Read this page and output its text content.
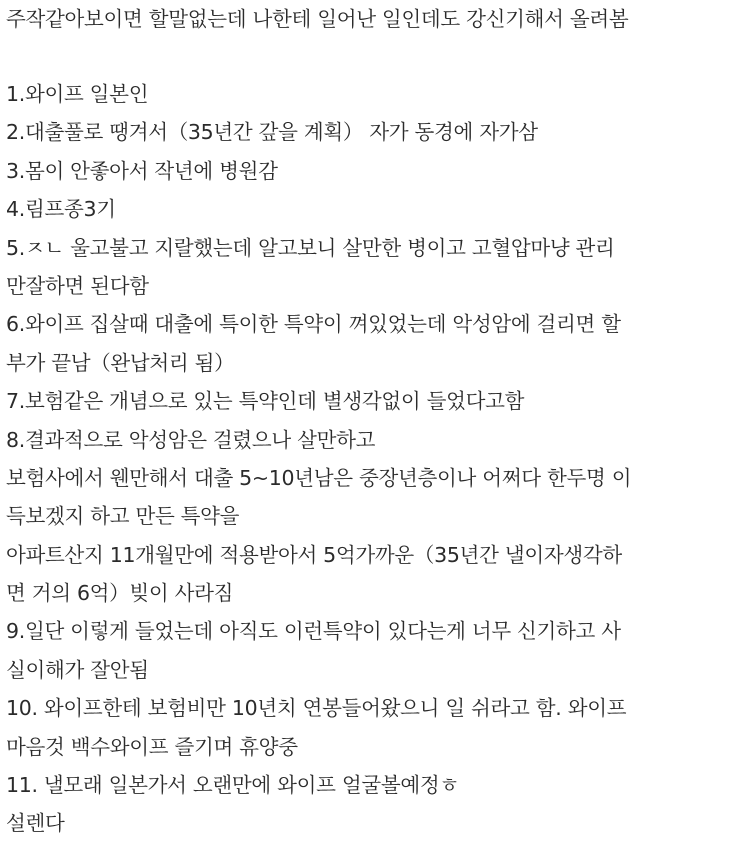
주작같아보이면 할말없는데 나한테 일어난 일인데도 강신기해서 올려봄
1.와이프 일본인
2.대출풀로 땡겨서（35년간 갚을 계획） 자가 동경에 자가삼
3.몸이 안좋아서 작년에 병원감
4.림프종3기
5.ㅈㄴ 울고불고 지랄했는데 알고보니 살만한 병이고 고혈압마냥 관리
만잘하면 된다함
6.와이프 집살때 대출에 특이한 특약이 껴있었는데 악성암에 걸리면 할
부가 끝남（완납처리 됨）
7.보험같은 개념으로 있는 특약인데 별생각없이 들었다고함
8.결과적으로 악성암은 걸렸으나 살만하고
보험사에서 웬만해서 대출 5~10년남은 중장년층이나 어쩌다 한두명 이
득보겠지 하고 만든 특약을
아파트산지 11개월만에 적용받아서 5억가까운（35년간 낼이자생각하
면 거의 6억）빚이 사라짐
9.일단 이렇게 들었는데 아직도 이런특약이 있다는게 너무 신기하고 사
실이해가 잘안됨
10. 와이프한테 보험비만 10년치 연봉들어왔으니 일 쉬라고 함. 와이프
마음것 백수와이프 즐기며 휴양중
11. 낼모래 일본가서 오랜만에 와이프 얼굴볼예정ㅎ
설렌다
